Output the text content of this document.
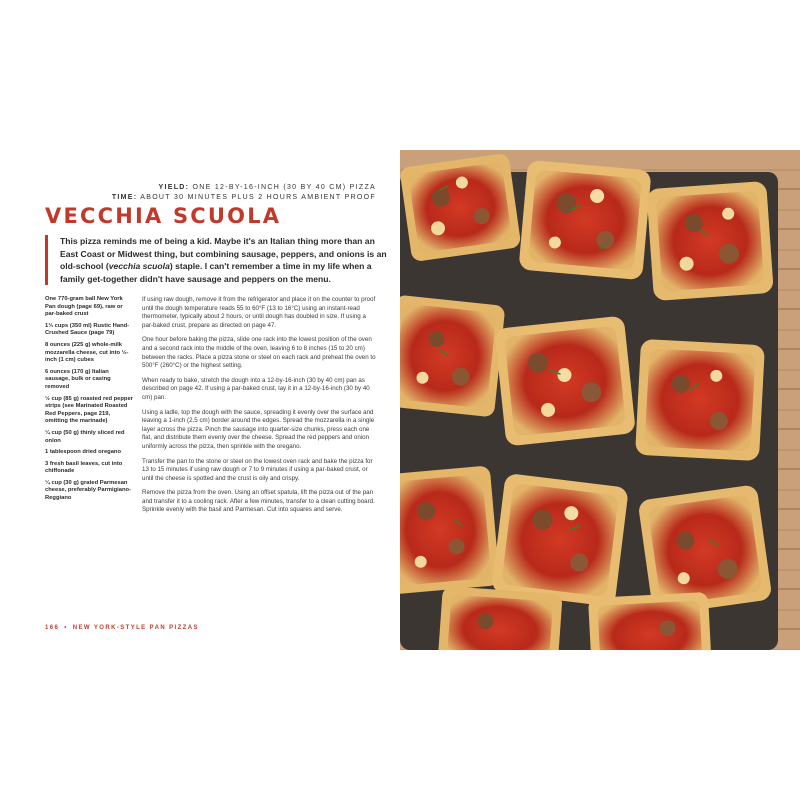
YIELD: ONE 12-BY-16-INCH (30 BY 40 CM) PIZZA
TIME: ABOUT 30 MINUTES PLUS 2 HOURS AMBIENT PROOF
VECCHIA SCUOLA
This pizza reminds me of being a kid. Maybe it's an Italian thing more than an East Coast or Midwest thing, but combining sausage, peppers, and onions is an old-school (vecchia scuola) staple. I can't remember a time in my life when a family get-together didn't have sausage and peppers on the menu.
One 770-gram ball New York Pan dough (page 69), raw or par-baked crust
1⅓ cups (350 ml) Rustic Hand-Crushed Sauce (page 79)
8 ounces (225 g) whole-milk mozzarella cheese, cut into ½-inch (1 cm) cubes
6 ounces (170 g) Italian sausage, bulk or casing removed
½ cup (85 g) roasted red pepper strips (see Marinated Roasted Red Peppers, page 219, omitting the marinade)
¼ cup (50 g) thinly sliced red onion
1 tablespoon dried oregano
3 fresh basil leaves, cut into chiffonade
¼ cup (30 g) grated Parmesan cheese, preferably Parmigiano-Reggiano

If using raw dough, remove it from the refrigerator and place it on the counter to proof until the dough temperature reads 55 to 60°F (13 to 16°C) using an instant-read thermometer, typically about 2 hours, or until dough has doubled in size. If using a par-baked crust, prepare as directed on page 47.

One hour before baking the pizza, slide one rack into the lowest position of the oven and a second rack into the middle of the oven, leaving 6 to 8 inches (15 to 20 cm) between the racks. Place a pizza stone or steel on each rack and preheat the oven to 500°F (260°C) or the highest setting.

When ready to bake, stretch the dough into a 12-by-16-inch (30 by 40 cm) pan as described on page 42. If using a par-baked crust, lay it in a 12-by-16-inch (30 by 40 cm) pan.

Using a ladle, top the dough with the sauce, spreading it evenly over the surface and leaving a 1-inch (2.5 cm) border around the edges. Spread the mozzarella in a single layer across the pizza. Pinch the sausage into quarter-size chunks, press each one flat, and distribute them evenly over the cheese. Spread the red peppers and onion uniformly across the pizza, then sprinkle with the oregano.

Transfer the pan to the stone or steel on the lowest oven rack and bake the pizza for 13 to 15 minutes if using raw dough or 7 to 9 minutes if using a par-baked crust, or until the cheese is spotted and the crust is oily and crispy.

Remove the pizza from the oven. Using an offset spatula, lift the pizza out of the pan and transfer it to a cooling rack. After a few minutes, transfer to a clean cutting board. Sprinkle evenly with the basil and Parmesan. Cut into squares and serve.

166 • NEW YORK-STYLE PAN PIZZAS
